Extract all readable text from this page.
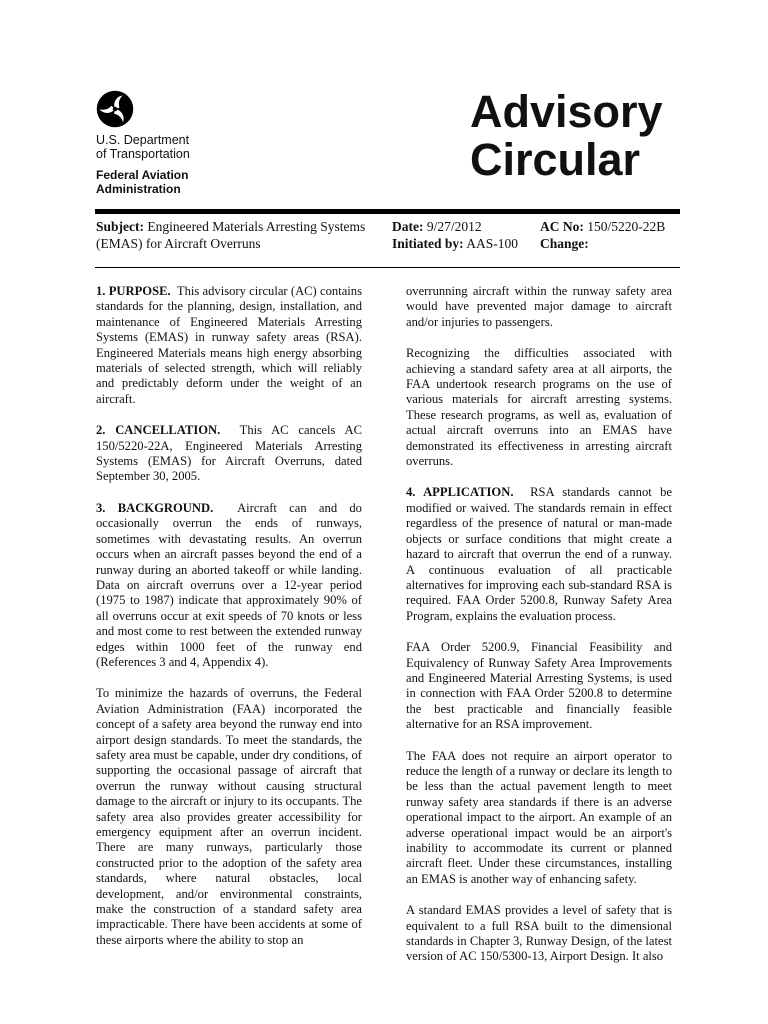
U.S. Department
of Transportation
Federal Aviation
Administration
Advisory
Circular
Subject: Engineered Materials Arresting Systems
(EMAS) for Aircraft Overruns
Date: 9/27/2012
Initiated by: AAS-100
AC No: 150/5220-22B
Change:

1. PURPOSE. This advisory circular (AC) contains standards for the planning, design, installation, and maintenance of Engineered Materials Arresting Systems (EMAS) in runway safety areas (RSA). Engineered Materials means high energy absorbing materials of selected strength, which will reliably and predictably deform under the weight of an aircraft.

2. CANCELLATION. This AC cancels AC 150/5220-22A, Engineered Materials Arresting Systems (EMAS) for Aircraft Overruns, dated September 30, 2005.

3. BACKGROUND. Aircraft can and do occasionally overrun the ends of runways, sometimes with devastating results. An overrun occurs when an aircraft passes beyond the end of a runway during an aborted takeoff or while landing. Data on aircraft overruns over a 12-year period (1975 to 1987) indicate that approximately 90% of all overruns occur at exit speeds of 70 knots or less and most come to rest between the extended runway edges within 1000 feet of the runway end (References 3 and 4, Appendix 4).

To minimize the hazards of overruns, the Federal Aviation Administration (FAA) incorporated the concept of a safety area beyond the runway end into airport design standards. To meet the standards, the safety area must be capable, under dry conditions, of supporting the occasional passage of aircraft that overrun the runway without causing structural damage to the aircraft or injury to its occupants. The safety area also provides greater accessibility for emergency equipment after an overrun incident. There are many runways, particularly those constructed prior to the adoption of the safety area standards, where natural obstacles, local development, and/or environmental constraints, make the construction of a standard safety area impracticable. There have been accidents at some of these airports where the ability to stop an

overrunning aircraft within the runway safety area would have prevented major damage to aircraft and/or injuries to passengers.

Recognizing the difficulties associated with achieving a standard safety area at all airports, the FAA undertook research programs on the use of various materials for aircraft arresting systems. These research programs, as well as, evaluation of actual aircraft overruns into an EMAS have demonstrated its effectiveness in arresting aircraft overruns.

4. APPLICATION. RSA standards cannot be modified or waived. The standards remain in effect regardless of the presence of natural or man-made objects or surface conditions that might create a hazard to aircraft that overrun the end of a runway. A continuous evaluation of all practicable alternatives for improving each sub-standard RSA is required. FAA Order 5200.8, Runway Safety Area Program, explains the evaluation process.

FAA Order 5200.9, Financial Feasibility and Equivalency of Runway Safety Area Improvements and Engineered Material Arresting Systems, is used in connection with FAA Order 5200.8 to determine the best practicable and financially feasible alternative for an RSA improvement.

The FAA does not require an airport operator to reduce the length of a runway or declare its length to be less than the actual pavement length to meet runway safety area standards if there is an adverse operational impact to the airport. An example of an adverse operational impact would be an airport's inability to accommodate its current or planned aircraft fleet. Under these circumstances, installing an EMAS is another way of enhancing safety.

A standard EMAS provides a level of safety that is equivalent to a full RSA built to the dimensional standards in Chapter 3, Runway Design, of the latest version of AC 150/5300-13, Airport Design. It also
